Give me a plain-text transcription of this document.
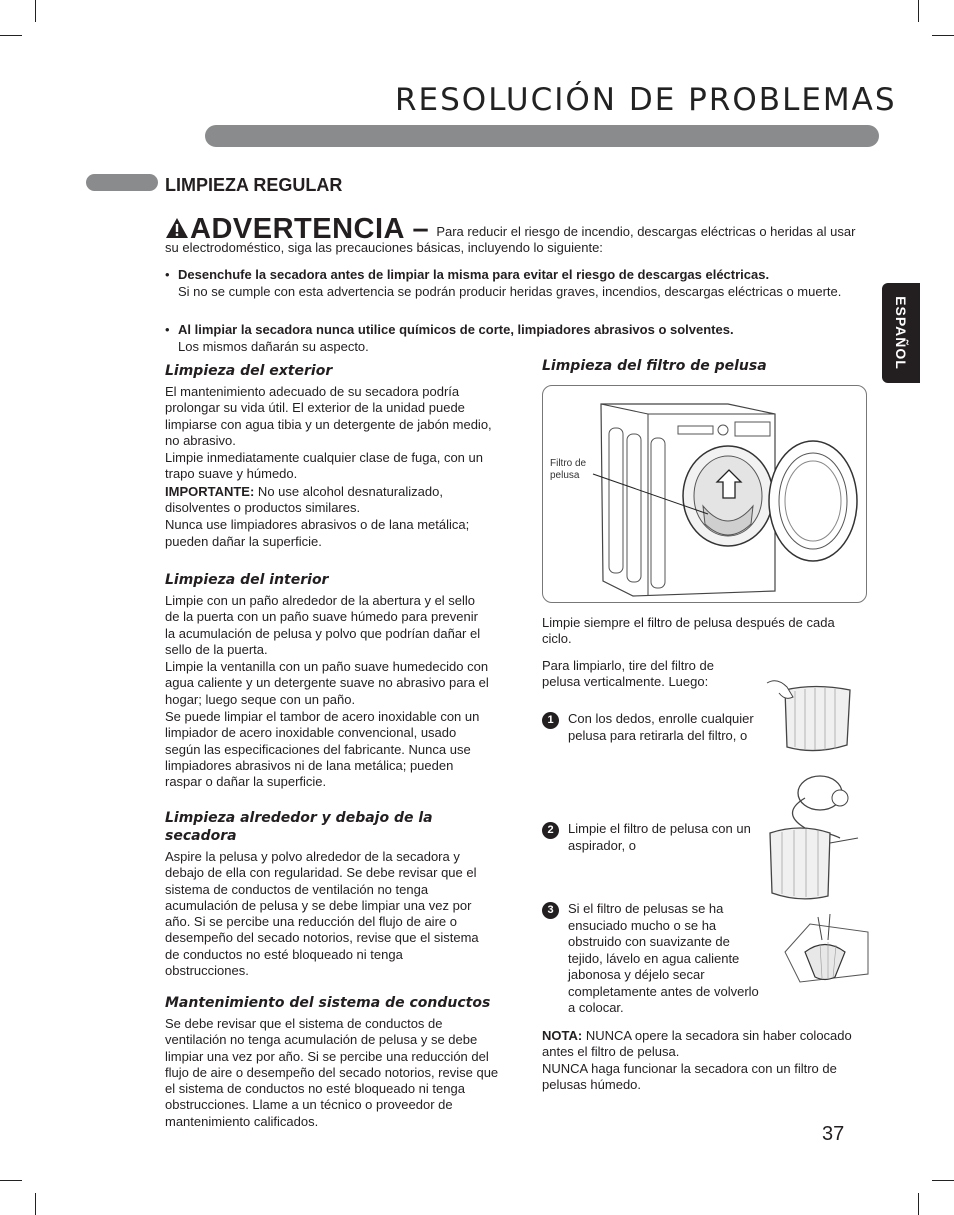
RESOLUCIÓN DE PROBLEMAS
ESPAÑOL
LIMPIEZA REGULAR
ADVERTENCIA – Para reducir el riesgo de incendio, descargas eléctricas o heridas al usar su electrodoméstico, siga las precauciones básicas, incluyendo lo siguiente:
• Desenchufe la secadora antes de limpiar la misma para evitar el riesgo de descargas eléctricas.
Si no se cumple con esta advertencia se podrán producir heridas graves, incendios, descargas eléctricas o muerte.
• Al limpiar la secadora nunca utilice químicos de corte, limpiadores abrasivos o solventes.
Los mismos dañarán su aspecto.
Limpieza del exterior

El mantenimiento adecuado de su secadora podría prolongar su vida útil. El exterior de la unidad puede limpiarse con agua tibia y un detergente de jabón medio, no abrasivo.

Limpie inmediatamente cualquier clase de fuga, con un trapo suave y húmedo.

IMPORTANTE: No use alcohol desnaturalizado, disolventes o productos similares.

Nunca use limpiadores abrasivos o de lana metálica; pueden dañar la superficie.

Limpieza del interior

Limpie con un paño alrededor de la abertura y el sello de la puerta con un paño suave húmedo para prevenir la acumulación de pelusa y polvo que podrían dañar el sello de la puerta.

Limpie la ventanilla con un paño suave humedecido con agua caliente y un detergente suave no abrasivo para el hogar; luego seque con un paño.

Se puede limpiar el tambor de acero inoxidable con un limpiador de acero inoxidable convencional, usado según las especificaciones del fabricante. Nunca use limpiadores abrasivos ni de lana metálica; pueden raspar o dañar la superficie.

Limpieza alrededor y debajo de la secadora

Aspire la pelusa y polvo alrededor de la secadora y debajo de ella con regularidad. Se debe revisar que el sistema de conductos de ventilación no tenga acumulación de pelusa y se debe limpiar una vez por año. Si se percibe una reducción del flujo de aire o desempeño del secado notorios, revise que el sistema de conductos no esté bloqueado ni tenga obstrucciones.

Mantenimiento del sistema de conductos

Se debe revisar que el sistema de conductos de ventilación no tenga acumulación de pelusa y se debe limpiar una vez por año. Si se percibe una reducción del flujo de aire o desempeño del secado notorios, revise que el sistema de conductos no esté bloqueado ni tenga obstrucciones. Llame a un técnico o proveedor de mantenimiento calificados.

Limpieza del filtro de pelusa
Filtro de pelusa

Limpie siempre el filtro de pelusa después de cada ciclo.

Para limpiarlo, tire del filtro de pelusa verticalmente. Luego:

1	Con los dedos, enrolle cualquier pelusa para retirarla del filtro, o
2	Limpie el filtro de pelusa con un aspirador, o
3	Si el filtro de pelusas se ha ensuciado mucho o se ha obstruido con suavizante de tejido, lávelo en agua caliente jabonosa y déjelo secar completamente antes de volverlo a colocar.

NOTA: NUNCA opere la secadora sin haber colocado antes el filtro de pelusa.

NUNCA haga funcionar la secadora con un filtro de pelusas húmedo.

37
